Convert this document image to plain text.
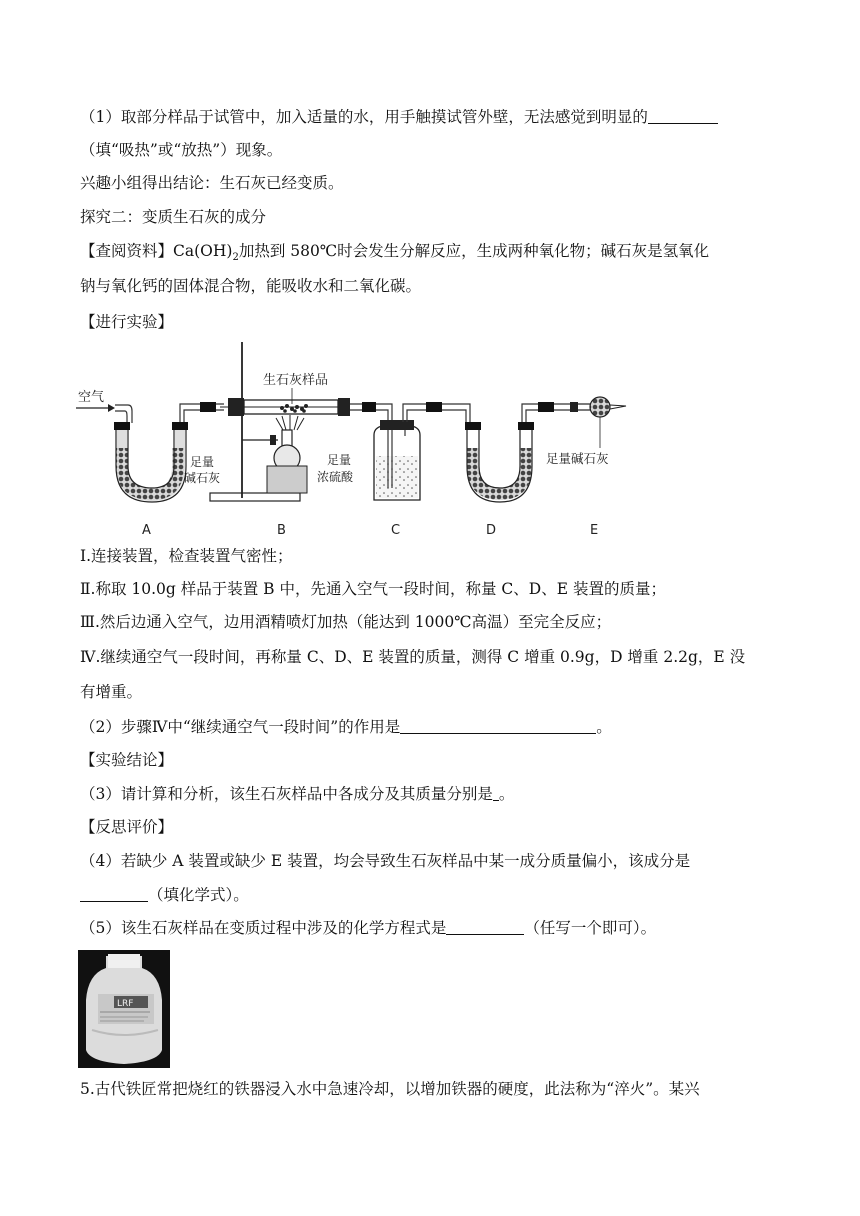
（1）取部分样品于试管中，加入适量的水，用手触摸试管外壁，无法感觉到明显的
（填“吸热”或“放热”）现象。
兴趣小组得出结论：生石灰已经变质。
探究二：变质生石灰的成分
【查阅资料】$Ca(OH)_2$加热到 580℃时会发生分解反应，生成两种氧化物；碱石灰是氢氧化
钠与氧化钙的固体混合物，能吸收水和二氧化碳。
【进行实验】
空气
足量
碱石灰
生石灰样品
足量
浓硫酸
足量碱石灰
A	B	C	D	E
Ⅰ.连接装置，检查装置气密性；
Ⅱ.称取 10.0g 样品于装置 B 中，先通入空气一段时间，称量 C、D、E 装置的质量；
Ⅲ.然后边通入空气，边用酒精喷灯加热（能达到 1000℃高温）至完全反应；
Ⅳ.继续通空气一段时间，再称量 C、D、E 装置的质量，测得 C 增重 0.9g，D 增重 2.2g，E 没
有增重。
（2）步骤Ⅳ中“继续通空气一段时间”的作用是	。
【实验结论】
（3）请计算和分析，该生石灰样品中各成分及其质量分别是 。
【反思评价】
（4）若缺少 A 装置或缺少 E 装置，均会导致生石灰样品中某一成分质量偏小，该成分是
（填化学式）。
（5）该生石灰样品在变质过程中涉及的化学方程式是	（任写一个即可）。
LRF
5.古代铁匠常把烧红的铁器浸入水中急速冷却，以增加铁器的硬度，此法称为“淬火”。某兴
